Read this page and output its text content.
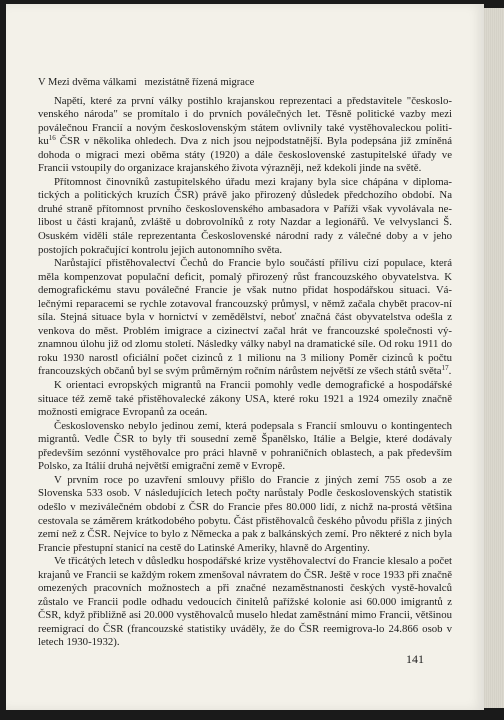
V Mezi dvěma válkami mezistátně řízená migrace

Napětí, které za první války postihlo krajanskou reprezentaci a představitele "českoslo-venského národa" se promítalo i do prvních poválečných let. Těsně politické vazby mezi poválečnou Francií a novým československým státem ovlivnily také vystěhovaleckou politi-$ku^{16}$ ČSR v několika ohledech. Dva z nich jsou nejpodstatnější. Byla podepsána již zmíněná dohoda o migraci mezi oběma státy (1920) a dále československé zastupitelské úřady ve Francii vstoupily do organizace krajanského života výrazněji, než kdekoli jinde na světě.

Přítomnost činovníků zastupitelského úřadu mezi krajany byla sice chápána v diploma-tických a politických kruzích ČSR) právě jako přirozený důsledek předchozího období. Na druhé straně přítomnost prvního československého ambasadora v Paříži však vyvolávala ne-libost u části krajanů, zvláště u dobrovolníků z roty Nazdar a legionářů. Ve velvyslanci Š. Osuském viděli stále reprezentanta Československé národní rady z válečné doby a v jeho postojích pokračující kontrolu jejich autonomního světa.

Narůstající přistěhovalectví Čechů do Francie bylo součástí přílivu cizí populace, která měla kompenzovat populační deficit, pomalý přirozený růst francouzského obyvatelstva. K demografickému stavu poválečné Francie je však nutno přidat hospodářskou situaci. Vá-lečnými reparacemi se rychle zotavoval francouzský průmysl, v němž začala chybět pracov-ní síla. Stejná situace byla v hornictví v zemědělství, neboť značná část obyvatelstva odešla z venkova do měst. Problém imigrace a cizinectví začal hrát ve francouzské společnosti vý-znamnou úlohu již od zlomu století. Následky války nabyl na dramatické síle. Od roku 1911 do roku 1930 narostl oficiální počet cizinců z 1 milionu na 3 miliony Poměr cizinců k počtu francouzských občanů byl se svým průměrným ročním nárůstem největší ze všech států světa$^{17}$.

K orientaci evropských migrantů na Francii pomohly vedle demografické a hospodářské situace též země také přistěhovalecké zákony USA, které roku 1921 a 1924 omezily značně možnosti emigrace Evropanů za oceán.

Československo nebylo jedinou zemí, která podepsala s Francií smlouvu o kontingentech migrantů. Vedle ČSR to byly tři sousední země Španělsko, Itálie a Belgie, které dodávaly především sezónní vystěhovalce pro práci hlavně v pohraničních oblastech, a pak především Polsko, za Itálií druhá největší emigrační země v Evropě.

V prvním roce po uzavření smlouvy přišlo do Francie z jiných zemí 755 osob a ze Slovenska 533 osob. V následujících letech počty narůstaly Podle československých statistik odešlo v meziválečném období z ČSR do Francie přes 80.000 lidí, z nichž na-prostá většina cestovala se záměrem krátkodobého pobytu. Část přistěhovalců českého původu přišla z jiných zemí než z ČSR. Nejvíce to bylo z Německa a pak z balkánských zemí. Pro některé z nich byla Francie přestupní stanicí na cestě do Latinské Ameriky, hlavně do Argentiny.

Ve třicátých letech v důsledku hospodářské krize vystěhovalectví do Francie klesalo a počet krajanů ve Francii se každým rokem zmenšoval návratem do ČSR. Ještě v roce 1933 při značně omezených pracovních možnostech a při značné nezaměstnanosti českých vystě-hovalců zůstalo ve Francii podle odhadu vedoucích činitelů pařížské kolonie asi 60.000 imigrantů z ČSR, když přibližně asi 20.000 vystěhovalců muselo hledat zaměstnání mimo Francii, většinou reemigrací do ČSR (francouzské statistiky uváděly, že do ČSR reemigrova-lo 24.866 osob v letech 1930-1932).

141
